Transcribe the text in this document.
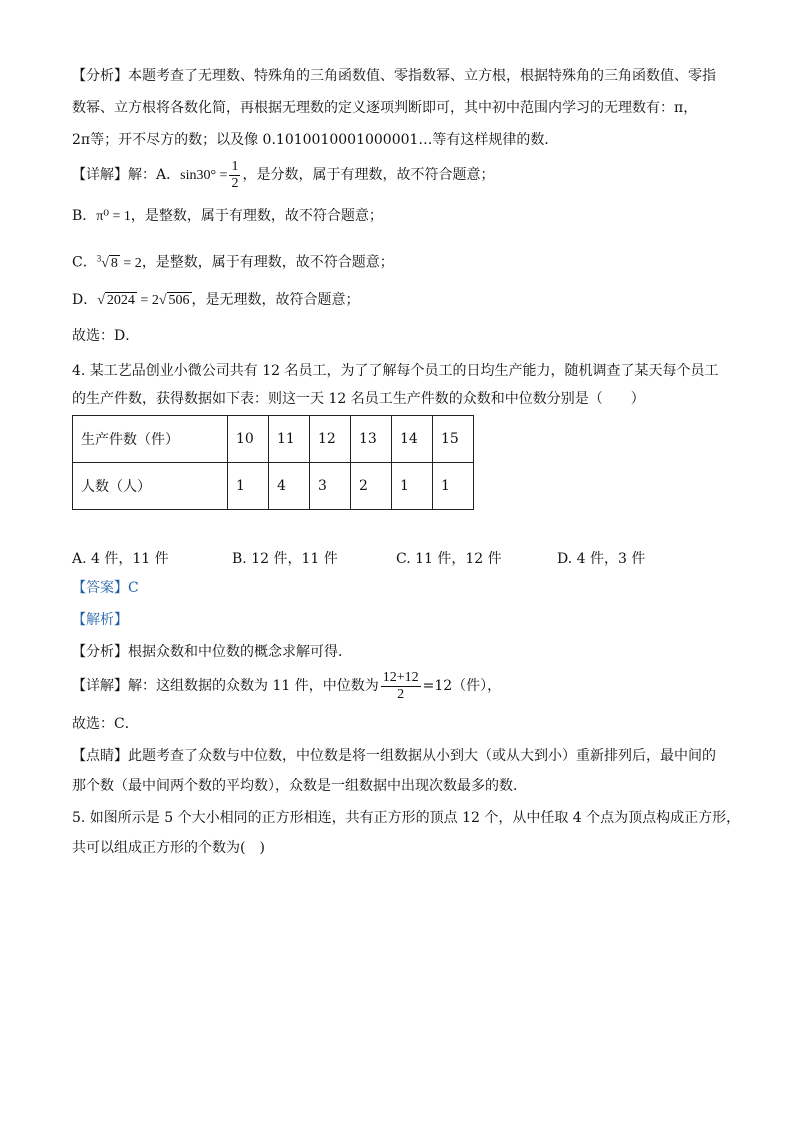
【分析】本题考查了无理数、特殊角的三角函数值、零指数幂、立方根，根据特殊角的三角函数值、零指
数幂、立方根将各数化简，再根据无理数的定义逐项判断即可，其中初中范围内学习的无理数有：π，
2π等；开不尽方的数；以及像 0.1010010001000001…等有这样规律的数．
【详解】解：A．$\sin 30^\circ = \frac{1}{2}$ ，是分数，属于有理数，故不符合题意；
B．π⁰ = 1，是整数，属于有理数，故不符合题意；
C．$^3$√ 8 = 2，是整数，属于有理数，故不符合题意；
D．√ 2024 = 2√ 506 ，是无理数，故符合题意；
故选：D．
4. 某工艺品创业小微公司共有 12 名员工，为了了解每个员工的日均生产能力，随机调查了某天每个员工
的生产件数，获得数据如下表：则这一天 12 名员工生产件数的众数和中位数分别是（　　）
生产件数（件）	10	11	12	13	14	15
人数（人）	1	4	3	2	1	1
A. 4 件，11 件	B. 12 件，11 件	C. 11 件，12 件	D. 4 件，3 件
【答案】C
【解析】
【分析】根据众数和中位数的概念求解可得．
【详解】解：这组数据的众数为 11 件，中位数为 $\frac{12+12}{2} =12$（件），
故选：C．
【点睛】此题考查了众数与中位数，中位数是将一组数据从小到大（或从大到小）重新排列后，最中间的
那个数（最中间两个数的平均数），众数是一组数据中出现次数最多的数．
5. 如图所示是 5 个大小相同的正方形相连，共有正方形的顶点 12 个，从中任取 4 个点为顶点构成正方形，
共可以组成正方形的个数为(　)
